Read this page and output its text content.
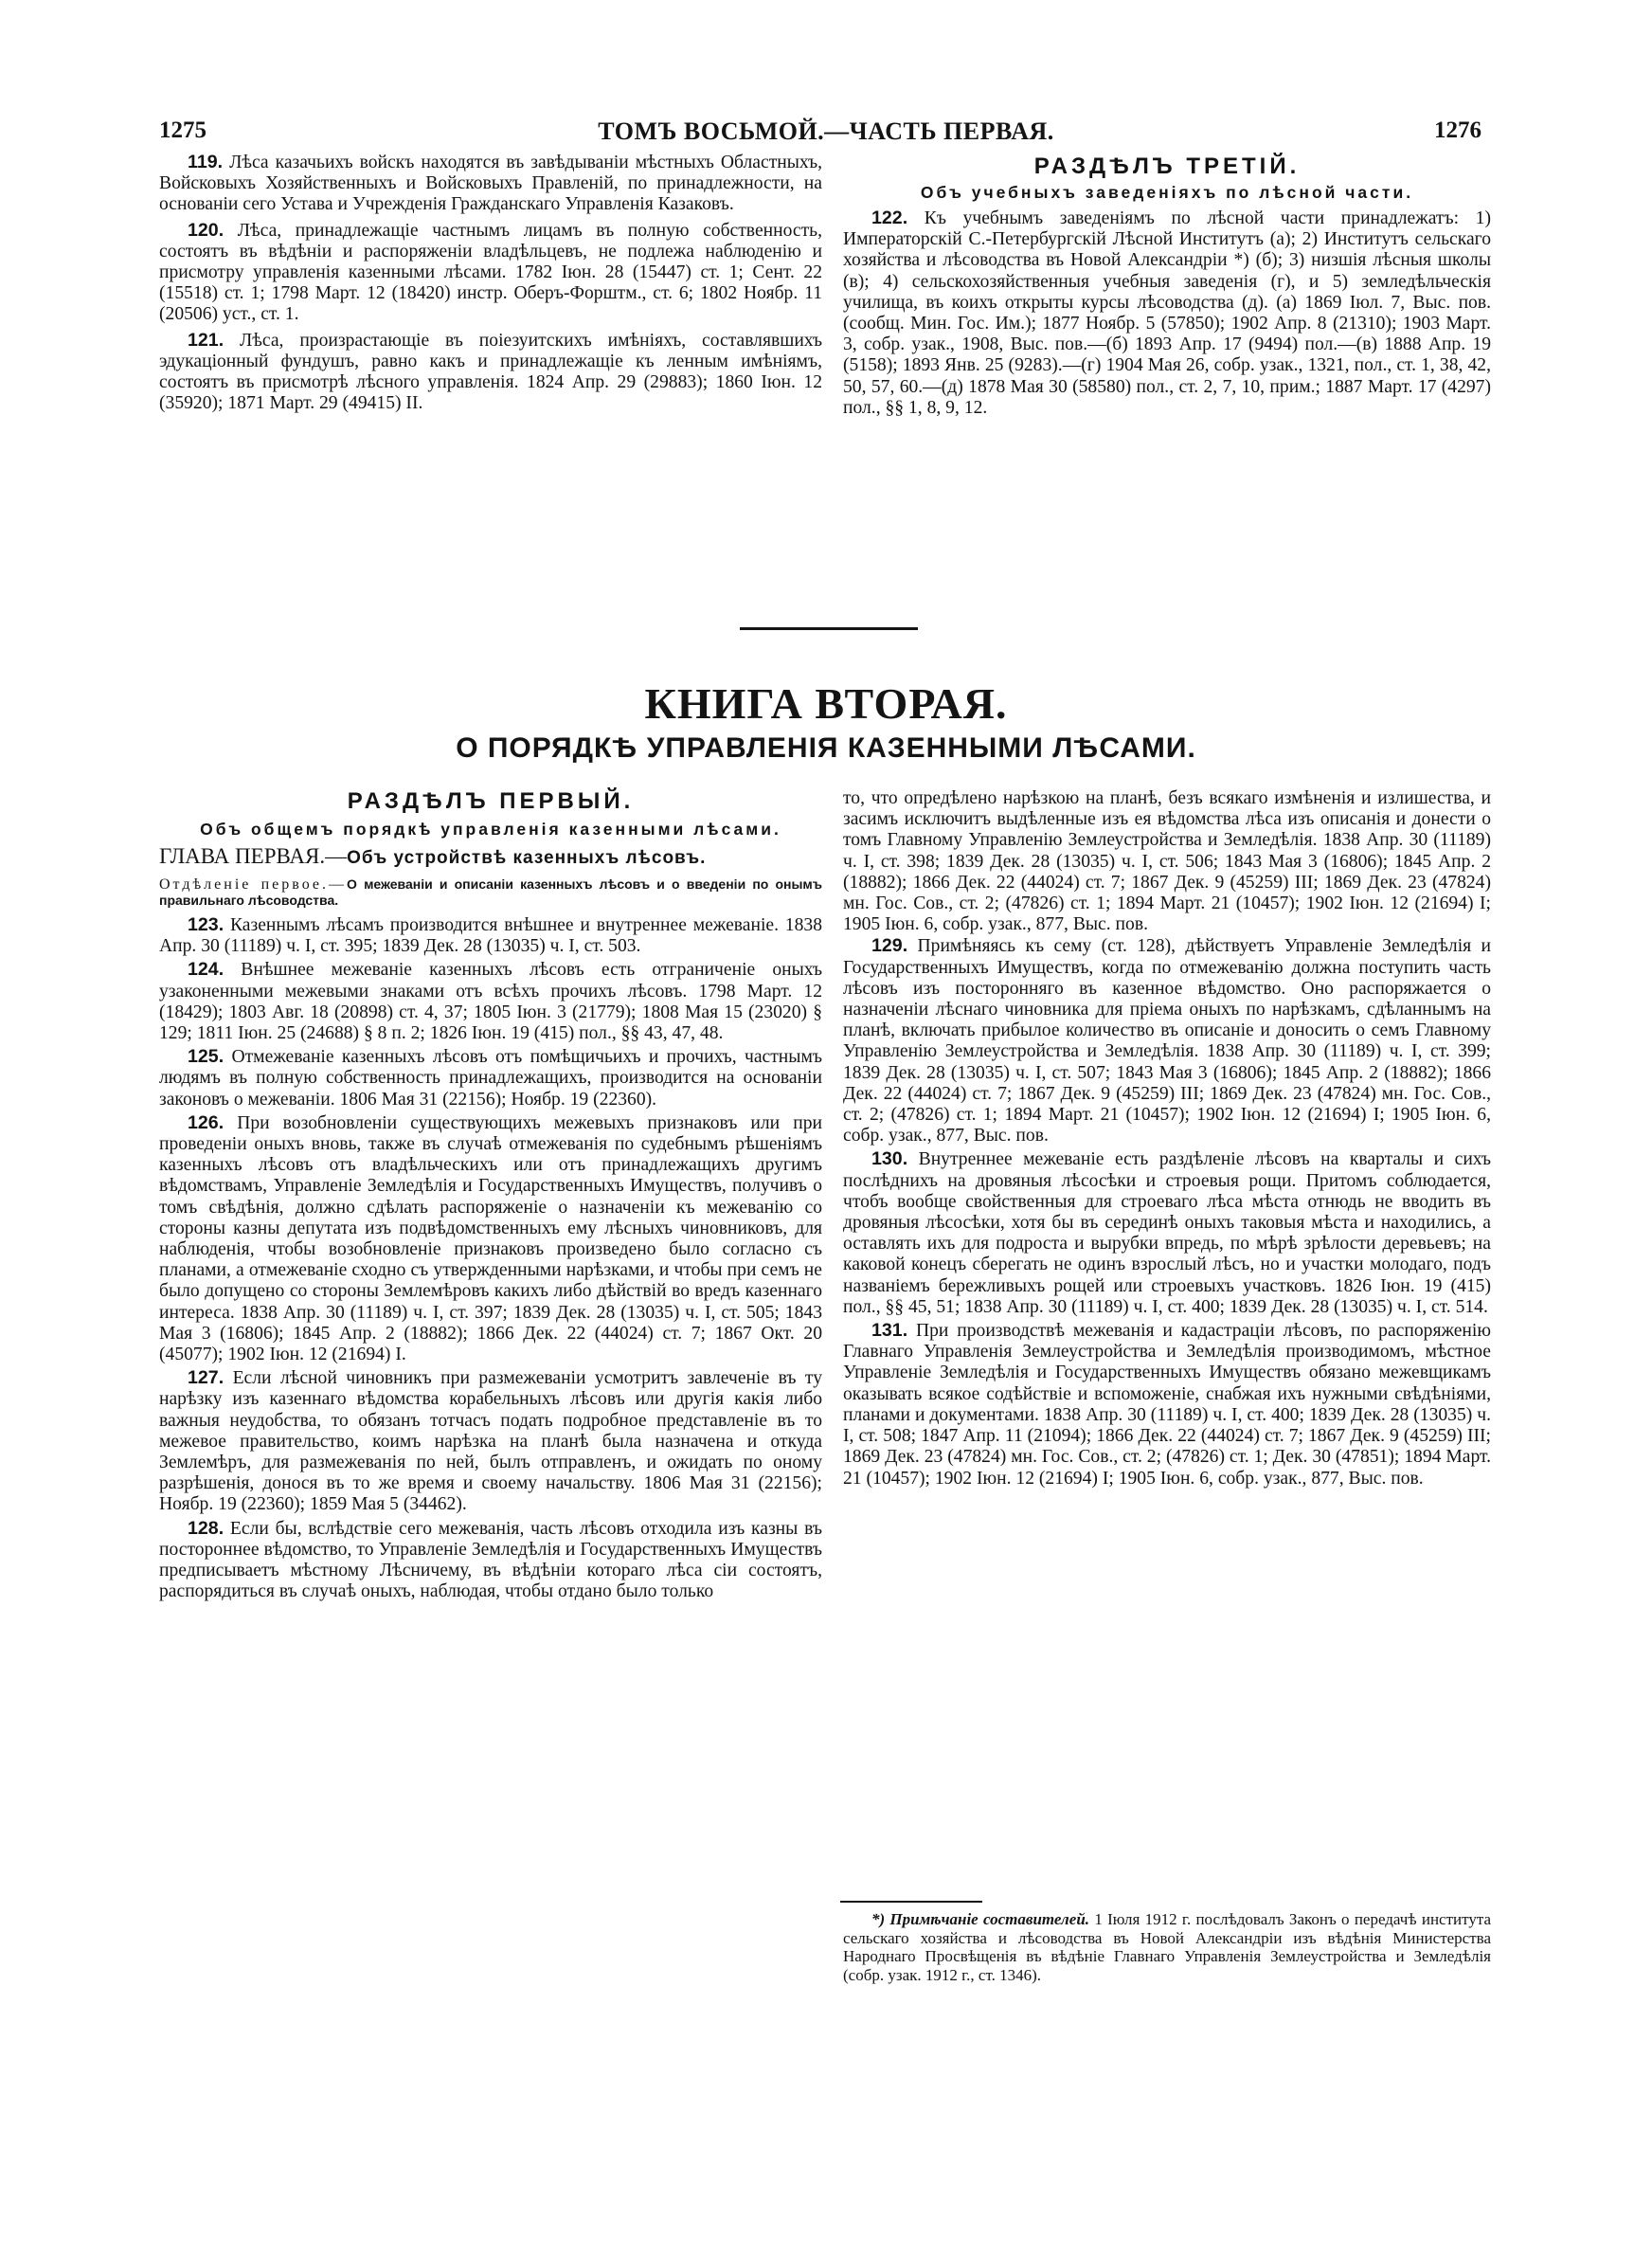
1275	ТОМЪ ВОСЬМОЙ.—ЧАСТЬ ПЕРВАЯ.	1276

119. Лѣса казачьихъ войскъ находятся въ завѣдываніи мѣстныхъ Областныхъ, Войсковыхъ Хозяйственныхъ и Войсковыхъ Правленій, по принадлежности, на основаніи сего Устава и Учрежденія Гражданскаго Управленія Казаковъ.

120. Лѣса, принадлежащіе частнымъ лицамъ въ полную собственность, состоятъ въ вѣдѣніи и распоряженіи владѣльцевъ, не подлежа наблюденію и присмотру управленія казенными лѣсами. 1782 Іюн. 28 (15447) ст. 1; Сент. 22 (15518) ст. 1; 1798 Март. 12 (18420) инстр. Оберъ-Форштм., ст. 6; 1802 Ноябр. 11 (20506) уст., ст. 1.

121. Лѣса, произрастающіе въ поiезуитскихъ имѣніяхъ, составлявшихъ эдукаціонный фундушъ, равно какъ и принадлежащіе къ ленным имѣніямъ, состоятъ въ присмотрѣ лѣсного управленія. 1824 Апр. 29 (29883); 1860 Іюн. 12 (35920); 1871 Март. 29 (49415) II.

РАЗДѢЛЪ ТРЕТІЙ.
Объ учебныхъ заведеніяхъ по лѣсной части.

122. Къ учебнымъ заведеніямъ по лѣсной части принадлежатъ: 1) Императорскій С.-Петербургскій Лѣсной Институтъ (а); 2) Институтъ сельскаго хозяйства и лѣсоводства въ Новой Александріи *) (б); 3) низшія лѣсныя школы (в); 4) сельскохозяйственныя учебныя заведенія (г), и 5) земледѣльческія училища, въ коихъ открыты курсы лѣсоводства (д). (а) 1869 Іюл. 7, Выс. пов. (сообщ. Мин. Гос. Им.); 1877 Ноябр. 5 (57850); 1902 Апр. 8 (21310); 1903 Март. 3, собр. узак., 1908, Выс. пов.—(б) 1893 Апр. 17 (9494) пол.—(в) 1888 Апр. 19 (5158); 1893 Янв. 25 (9283).—(г) 1904 Мая 26, собр. узак., 1321, пол., ст. 1, 38, 42, 50, 57, 60.—(д) 1878 Мая 30 (58580) пол., ст. 2, 7, 10, прим.; 1887 Март. 17 (4297) пол., §§ 1, 8, 9, 12.

КНИГА ВТОРАЯ.
О ПОРЯДКѢ УПРАВЛЕНІЯ КАЗЕННЫМИ ЛѢСАМИ.
РАЗДѢЛЪ ПЕРВЫЙ.
Объ общемъ порядкѣ управленія казенными лѣсами.
ГЛАВА ПЕРВАЯ.—Объ устройствѣ казенныхъ лѣсовъ.
Отдѣленіе первое.—О межеваніи и описаніи казенныхъ лѣсовъ и о введеніи по онымъ правильнаго лѣсоводства.

123. Казеннымъ лѣсамъ производится внѣшнее и внутреннее межеваніе. 1838 Апр. 30 (11189) ч. I, ст. 395; 1839 Дек. 28 (13035) ч. I, ст. 503.

124. Внѣшнее межеваніе казенныхъ лѣсовъ есть отграниченіе оныхъ узаконенными межевыми знаками отъ всѣхъ прочихъ лѣсовъ. 1798 Март. 12 (18429); 1803 Авг. 18 (20898) ст. 4, 37; 1805 Іюн. 3 (21779); 1808 Мая 15 (23020) § 129; 1811 Іюн. 25 (24688) § 8 п. 2; 1826 Іюн. 19 (415) пол., §§ 43, 47, 48.

125. Отмежеваніе казенныхъ лѣсовъ отъ помѣщичьихъ и прочихъ, частнымъ людямъ въ полную собственность принадлежащихъ, производится на основаніи законовъ о межеваніи. 1806 Мая 31 (22156); Ноябр. 19 (22360).

126. При возобновленіи существующихъ межевыхъ признаковъ или при проведеніи оныхъ вновь, также въ случаѣ отмежеванія по судебнымъ рѣшеніямъ казенныхъ лѣсовъ отъ владѣльческихъ или отъ принадлежащихъ другимъ вѣдомствамъ, Управленіе Земледѣлія и Государственныхъ Имуществъ, получивъ о томъ свѣдѣнія, должно сдѣлать распоряженіе о назначеніи къ межеванію со стороны казны депутата изъ подвѣдомственныхъ ему лѣсныхъ чиновниковъ, для наблюденія, чтобы возобновленіе признаковъ произведено было согласно съ планами, а отмежеваніе сходно съ утвержденными нарѣзками, и чтобы при семъ не было допущено со стороны Землемѣровъ какихъ либо дѣйствій во вредъ казеннаго интереса. 1838 Апр. 30 (11189) ч. I, ст. 397; 1839 Дек. 28 (13035) ч. I, ст. 505; 1843 Мая 3 (16806); 1845 Апр. 2 (18882); 1866 Дек. 22 (44024) ст. 7; 1867 Окт. 20 (45077); 1902 Іюн. 12 (21694) I.

127. Если лѣсной чиновникъ при размежеваніи усмотритъ завлеченіе въ ту нарѣзку изъ казеннаго вѣдомства корабельныхъ лѣсовъ или другія какія либо важныя неудобства, то обязанъ тотчасъ подать подробное представленіе въ то межевое правительство, коимъ нарѣзка на планѣ была назначена и откуда Землемѣръ, для размежеванія по ней, былъ отправленъ, и ожидать по оному разрѣшенія, донося въ то же время и своему начальству. 1806 Мая 31 (22156); Ноябр. 19 (22360); 1859 Мая 5 (34462).

128. Если бы, вслѣдствіе сего межеванія, часть лѣсовъ отходила изъ казны въ постороннее вѣдомство, то Управленіе Земледѣлія и Государственныхъ Имуществъ предписываетъ мѣстному Лѣсничему, въ вѣдѣніи котораго лѣса сіи состоятъ, распорядиться въ случаѣ оныхъ, наблюдая, чтобы отдано было только

то, что опредѣлено нарѣзкою на планѣ, безъ всякаго измѣненія и излишества, и засимъ исключитъ выдѣленные изъ ея вѣдомства лѣса изъ описанія и донести о томъ Главному Управленію Землеустройства и Земледѣлія. 1838 Апр. 30 (11189) ч. I, ст. 398; 1839 Дек. 28 (13035) ч. I, ст. 506; 1843 Мая 3 (16806); 1845 Апр. 2 (18882); 1866 Дек. 22 (44024) ст. 7; 1867 Дек. 9 (45259) III; 1869 Дек. 23 (47824) мн. Гос. Сов., ст. 2; (47826) ст. 1; 1894 Март. 21 (10457); 1902 Іюн. 12 (21694) I; 1905 Іюн. 6, собр. узак., 877, Выс. пов.

129. Примѣняясь къ сему (ст. 128), дѣйствуетъ Управленіе Земледѣлія и Государственныхъ Имуществъ, когда по отмежеванію должна поступить часть лѣсовъ изъ посторонняго въ казенное вѣдомство. Оно распоряжается о назначеніи лѣснаго чиновника для пріема оныхъ по нарѣзкамъ, сдѣланнымъ на планѣ, включать прибылое количество въ описаніе и доносить о семъ Главному Управленію Землеустройства и Земледѣлія. 1838 Апр. 30 (11189) ч. I, ст. 399; 1839 Дек. 28 (13035) ч. I, ст. 507; 1843 Мая 3 (16806); 1845 Апр. 2 (18882); 1866 Дек. 22 (44024) ст. 7; 1867 Дек. 9 (45259) III; 1869 Дек. 23 (47824) мн. Гос. Сов., ст. 2; (47826) ст. 1; 1894 Март. 21 (10457); 1902 Іюн. 12 (21694) I; 1905 Іюн. 6, собр. узак., 877, Выс. пов.

130. Внутреннее межеваніе есть раздѣленіе лѣсовъ на кварталы и сихъ послѣднихъ на дровяныя лѣсосѣки и строевыя рощи. Притомъ соблюдается, чтобъ вообще свойственныя для строеваго лѣса мѣста отнюдь не вводить въ дровяныя лѣсосѣки, хотя бы въ серединѣ оныхъ таковыя мѣста и находились, а оставлять ихъ для подроста и вырубки впредь, по мѣрѣ зрѣлости деревьевъ; на каковой конецъ сберегать не одинъ взрослый лѣсъ, но и участки молодаго, подъ названіемъ бережливыхъ рощей или строевыхъ участковъ. 1826 Іюн. 19 (415) пол., §§ 45, 51; 1838 Апр. 30 (11189) ч. I, ст. 400; 1839 Дек. 28 (13035) ч. I, ст. 514.

131. При производствѣ межеванія и кадастраціи лѣсовъ, по распоряженію Главнаго Управленія Землеустройства и Земледѣлія производимомъ, мѣстное Управленіе Земледѣлія и Государственныхъ Имуществъ обязано межевщикамъ оказывать всякое содѣйствіе и вспоможеніе, снабжая ихъ нужными свѣдѣніями, планами и документами. 1838 Апр. 30 (11189) ч. I, ст. 400; 1839 Дек. 28 (13035) ч. I, ст. 508; 1847 Апр. 11 (21094); 1866 Дек. 22 (44024) ст. 7; 1867 Дек. 9 (45259) III; 1869 Дек. 23 (47824) мн. Гос. Сов., ст. 2; (47826) ст. 1; Дек. 30 (47851); 1894 Март. 21 (10457); 1902 Іюн. 12 (21694) I; 1905 Іюн. 6, собр. узак., 877, Выс. пов.

*) Примѣчаніе составителей. 1 Іюля 1912 г. послѣдовалъ Законъ о передачѣ института сельскаго хозяйства и лѣсоводства въ Новой Александріи изъ вѣдѣнія Министерства Народнаго Просвѣщенія въ вѣдѣніе Главнаго Управленія Землеустройства и Земледѣлія (собр. узак. 1912 г., ст. 1346).
